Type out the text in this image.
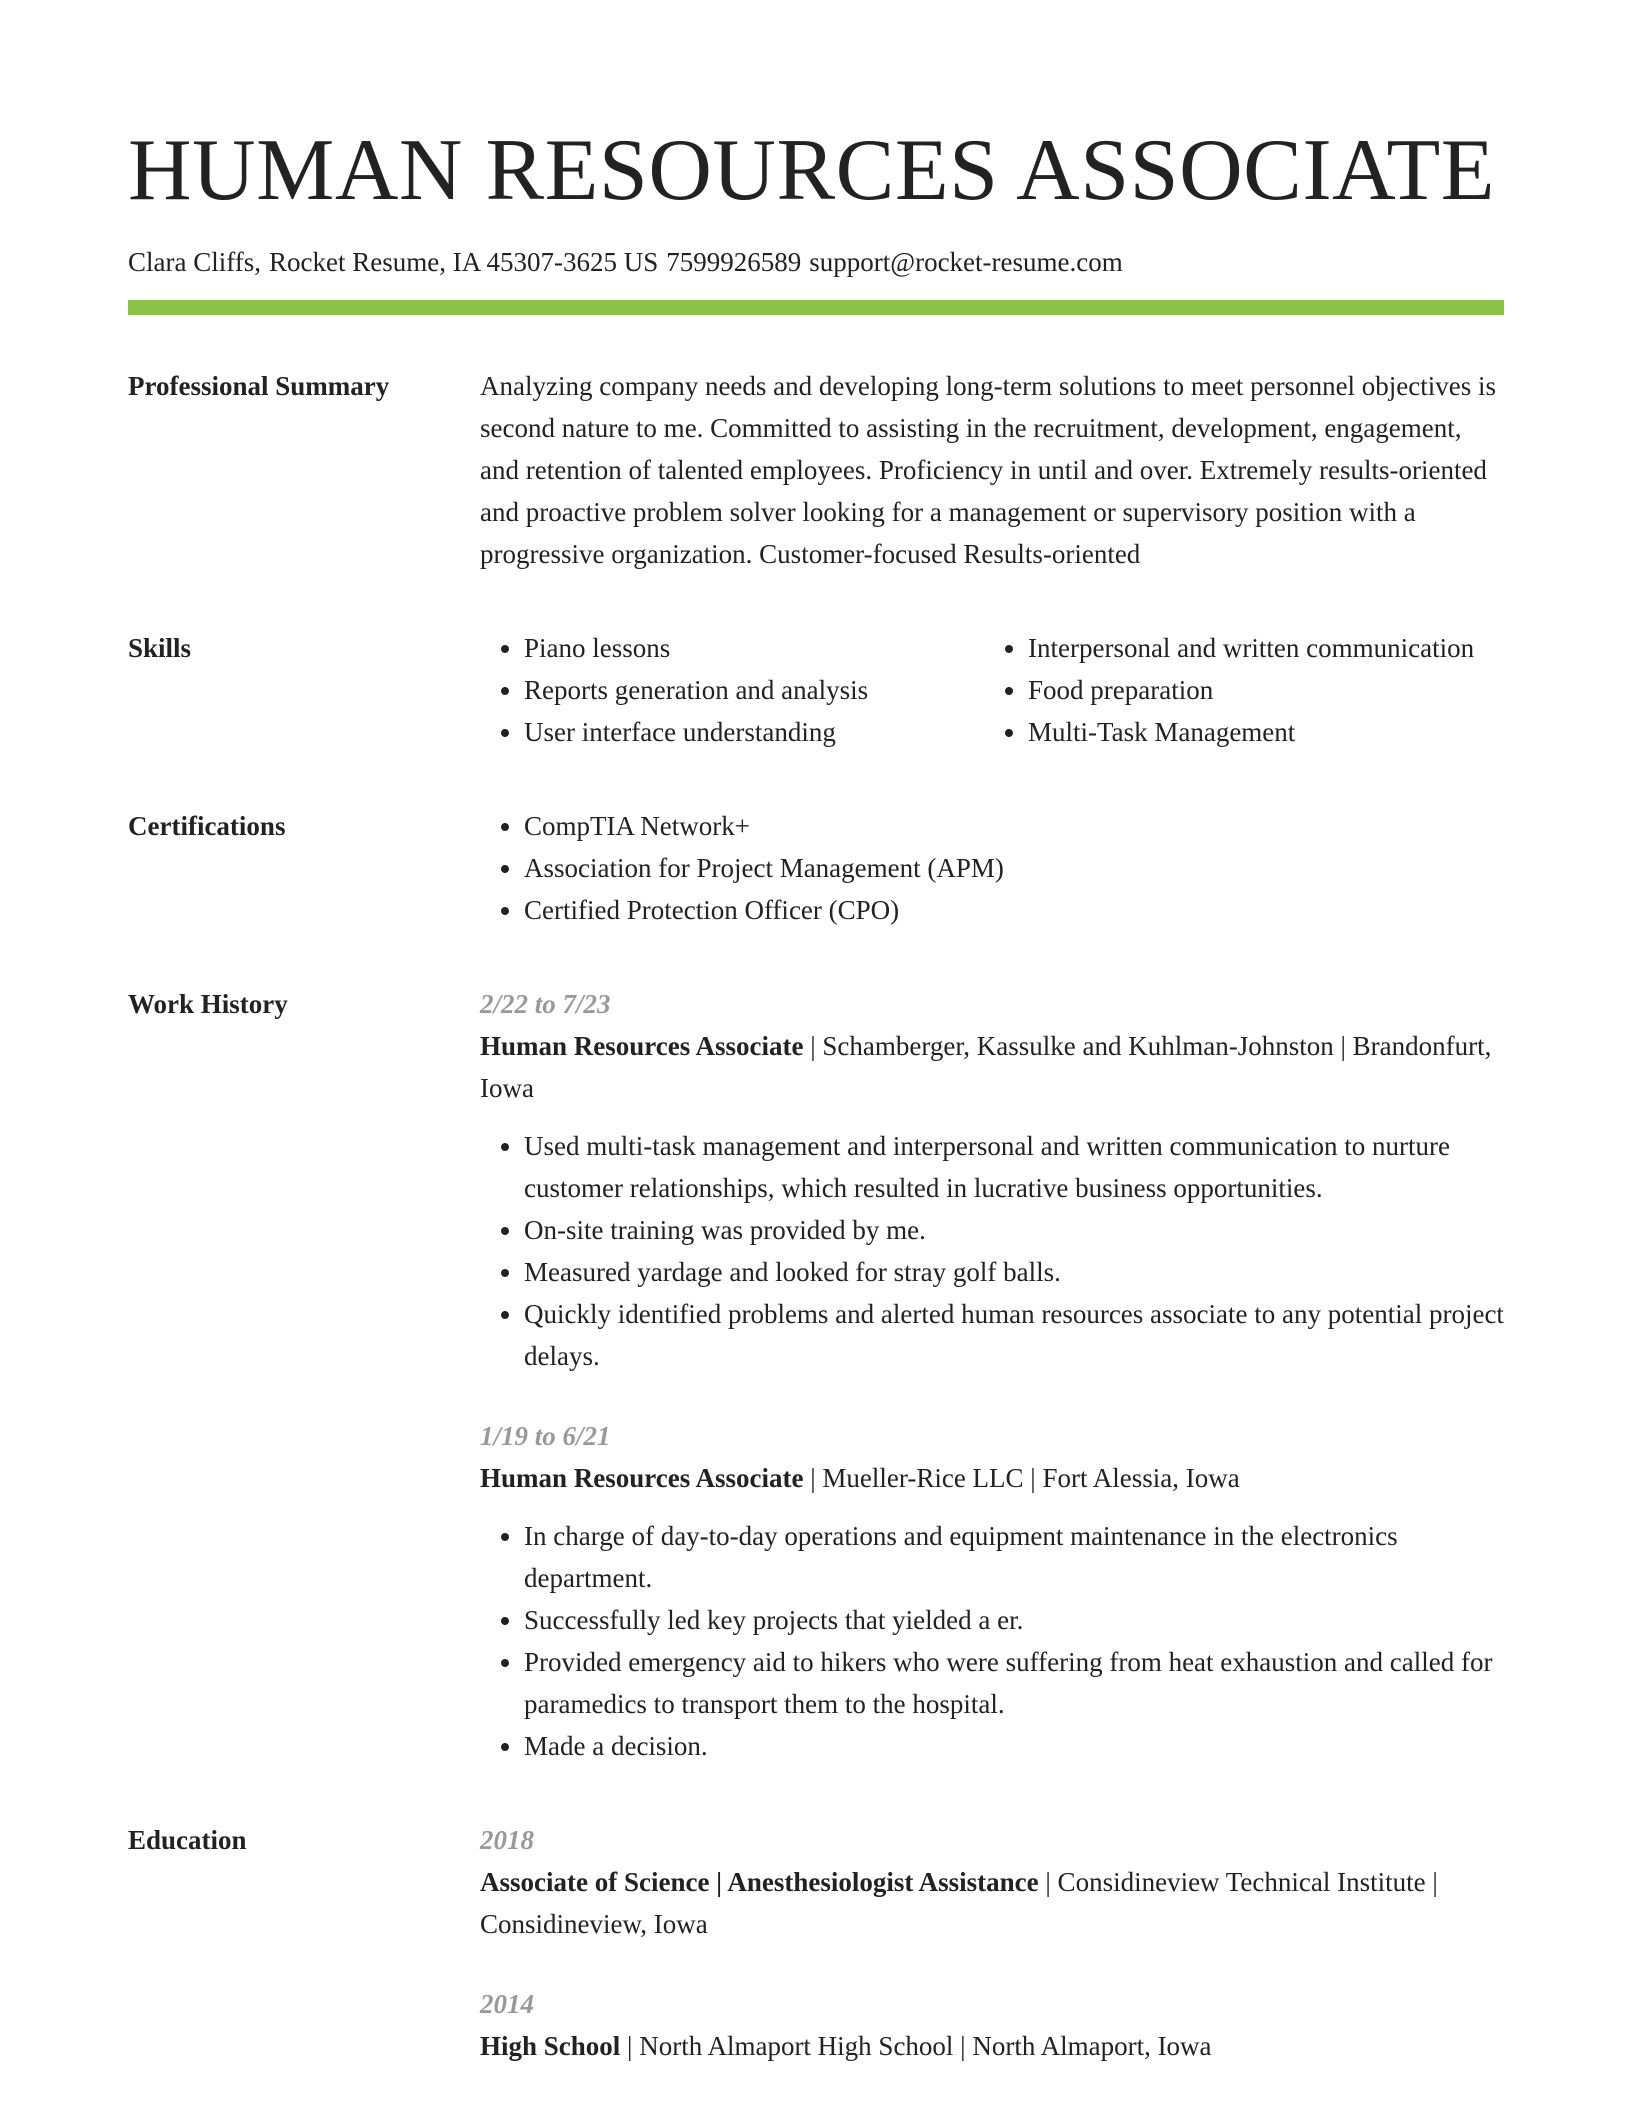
HUMAN RESOURCES ASSOCIATE
Clara Cliffs, Rocket Resume, IA 45307-3625 US 7599926589 support@rocket-resume.com
Professional Summary	Analyzing company needs and developing long-term solutions to meet personnel objectives is second nature to me. Committed to assisting in the recruitment, development, engagement, and retention of talented employees. Proficiency in until and over. Extremely results-oriented and proactive problem solver looking for a management or supervisory position with a progressive organization. Customer-focused Results-oriented
Skills	• Piano lessons
• Reports generation and analysis
• User interface understanding
• Interpersonal and written communication
• Food preparation
• Multi-Task Management
Certifications	• CompTIA Network+
• Association for Project Management (APM)
• Certified Protection Officer (CPO)
Work History	2/22 to 7/23
Human Resources Associate | Schamberger, Kassulke and Kuhlman-Johnston | Brandonfurt, Iowa
• Used multi-task management and interpersonal and written communication to nurture customer relationships, which resulted in lucrative business opportunities.
• On-site training was provided by me.
• Measured yardage and looked for stray golf balls.
• Quickly identified problems and alerted human resources associate to any potential project delays.
1/19 to 6/21
Human Resources Associate | Mueller-Rice LLC | Fort Alessia, Iowa
• In charge of day-to-day operations and equipment maintenance in the electronics department.
• Successfully led key projects that yielded a er.
• Provided emergency aid to hikers who were suffering from heat exhaustion and called for paramedics to transport them to the hospital.
• Made a decision.
Education	2018
Associate of Science | Anesthesiologist Assistance | Considineview Technical Institute | Considineview, Iowa
2014
High School | North Almaport High School | North Almaport, Iowa
